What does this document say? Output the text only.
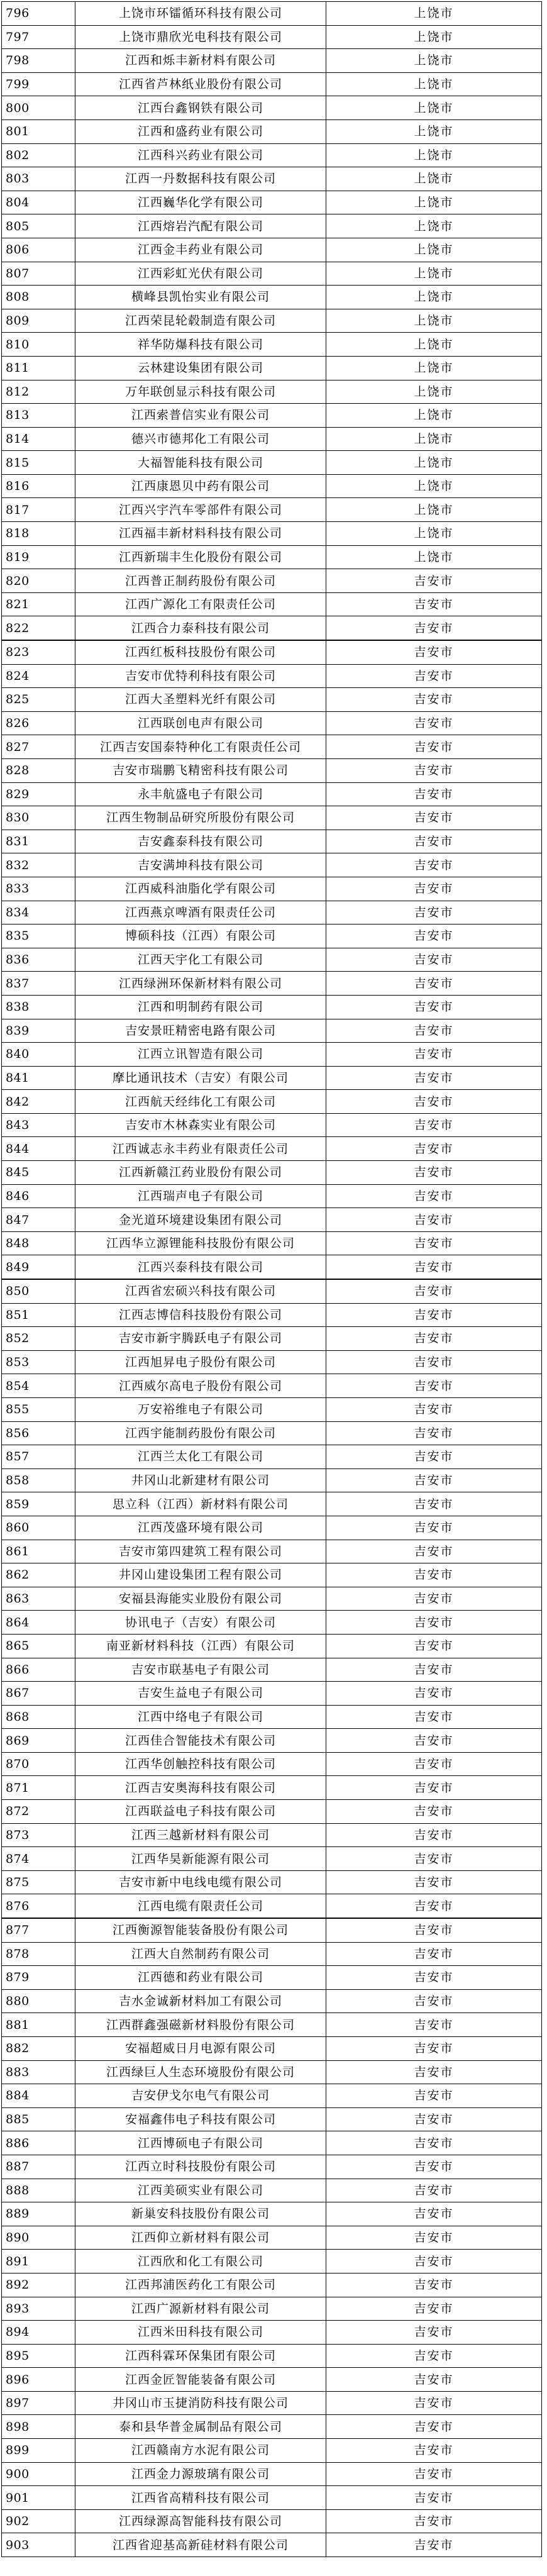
796	上饶市环镭循环科技有限公司	上饶市
797	上饶市鼎欣光电科技有限公司	上饶市
798	江西和烁丰新材料有限公司	上饶市
799	江西省芦林纸业股份有限公司	上饶市
800	江西台鑫钢铁有限公司	上饶市
801	江西和盛药业有限公司	上饶市
802	江西科兴药业有限公司	上饶市
803	江西一丹数据科技有限公司	上饶市
804	江西巍华化学有限公司	上饶市
805	江西熔岩汽配有限公司	上饶市
806	江西金丰药业有限公司	上饶市
807	江西彩虹光伏有限公司	上饶市
808	横峰县凯怡实业有限公司	上饶市
809	江西荣昆轮毂制造有限公司	上饶市
810	祥华防爆科技有限公司	上饶市
811	云林建设集团有限公司	上饶市
812	万年联创显示科技有限公司	上饶市
813	江西索普信实业有限公司	上饶市
814	德兴市德邦化工有限公司	上饶市
815	大福智能科技有限公司	上饶市
816	江西康恩贝中药有限公司	上饶市
817	江西兴宇汽车零部件有限公司	上饶市
818	江西福丰新材料科技有限公司	上饶市
819	江西新瑞丰生化股份有限公司	上饶市
820	江西普正制药股份有限公司	吉安市
821	江西广源化工有限责任公司	吉安市
822	江西合力泰科技有限公司	吉安市
823	江西红板科技股份有限公司	吉安市
824	吉安市优特利科技有限公司	吉安市
825	江西大圣塑料光纤有限公司	吉安市
826	江西联创电声有限公司	吉安市
827	江西吉安国泰特种化工有限责任公司	吉安市
828	吉安市瑞鹏飞精密科技有限公司	吉安市
829	永丰航盛电子有限公司	吉安市
830	江西生物制品研究所股份有限公司	吉安市
831	吉安鑫泰科技有限公司	吉安市
832	吉安满坤科技有限公司	吉安市
833	江西威科油脂化学有限公司	吉安市
834	江西燕京啤酒有限责任公司	吉安市
835	博硕科技（江西）有限公司	吉安市
836	江西天宇化工有限公司	吉安市
837	江西绿洲环保新材料有限公司	吉安市
838	江西和明制药有限公司	吉安市
839	吉安景旺精密电路有限公司	吉安市
840	江西立讯智造有限公司	吉安市
841	摩比通讯技术（吉安）有限公司	吉安市
842	江西航天经纬化工有限公司	吉安市
843	吉安市木林森实业有限公司	吉安市
844	江西诚志永丰药业有限责任公司	吉安市
845	江西新赣江药业股份有限公司	吉安市
846	江西瑞声电子有限公司	吉安市
847	金光道环境建设集团有限公司	吉安市
848	江西华立源锂能科技股份有限公司	吉安市
849	江西兴泰科技有限公司	吉安市
850	江西省宏硕兴科技有限公司	吉安市
851	江西志博信科技股份有限公司	吉安市
852	吉安市新宇腾跃电子有限公司	吉安市
853	江西旭昇电子股份有限公司	吉安市
854	江西威尔高电子股份有限公司	吉安市
855	万安裕维电子有限公司	吉安市
856	江西宇能制药股份有限公司	吉安市
857	江西兰太化工有限公司	吉安市
858	井冈山北新建材有限公司	吉安市
859	思立科（江西）新材料有限公司	吉安市
860	江西茂盛环境有限公司	吉安市
861	吉安市第四建筑工程有限公司	吉安市
862	井冈山建设集团工程有限公司	吉安市
863	安福县海能实业股份有限公司	吉安市
864	协讯电子（吉安）有限公司	吉安市
865	南亚新材料科技（江西）有限公司	吉安市
866	吉安市联基电子有限公司	吉安市
867	吉安生益电子有限公司	吉安市
868	江西中络电子有限公司	吉安市
869	江西佳合智能技术有限公司	吉安市
870	江西华创触控科技有限公司	吉安市
871	江西吉安奥海科技有限公司	吉安市
872	江西联益电子科技有限公司	吉安市
873	江西三越新材料有限公司	吉安市
874	江西华昊新能源有限公司	吉安市
875	吉安市新中电线电缆有限公司	吉安市
876	江西电缆有限责任公司	吉安市
877	江西衡源智能装备股份有限公司	吉安市
878	江西大自然制药有限公司	吉安市
879	江西德和药业有限公司	吉安市
880	吉水金诚新材料加工有限公司	吉安市
881	江西群鑫强磁新材料股份有限公司	吉安市
882	安福超威日月电源有限公司	吉安市
883	江西绿巨人生态环境股份有限公司	吉安市
884	吉安伊戈尔电气有限公司	吉安市
885	安福鑫伟电子科技有限公司	吉安市
886	江西博硕电子有限公司	吉安市
887	江西立时科技股份有限公司	吉安市
888	江西美硕实业有限公司	吉安市
889	新巢安科技股份有限公司	吉安市
890	江西仰立新材料有限公司	吉安市
891	江西欣和化工有限公司	吉安市
892	江西邦浦医药化工有限公司	吉安市
893	江西广源新材料有限公司	吉安市
894	江西米田科技有限公司	吉安市
895	江西科霖环保集团有限公司	吉安市
896	江西金匠智能装备有限公司	吉安市
897	井冈山市玉捷消防科技有限公司	吉安市
898	泰和县华普金属制品有限公司	吉安市
899	江西赣南方水泥有限公司	吉安市
900	江西金力源玻璃有限公司	吉安市
901	江西省高精科技有限公司	吉安市
902	江西绿源高智能科技有限公司	吉安市
903	江西省迎基高新硅材料有限公司	吉安市
